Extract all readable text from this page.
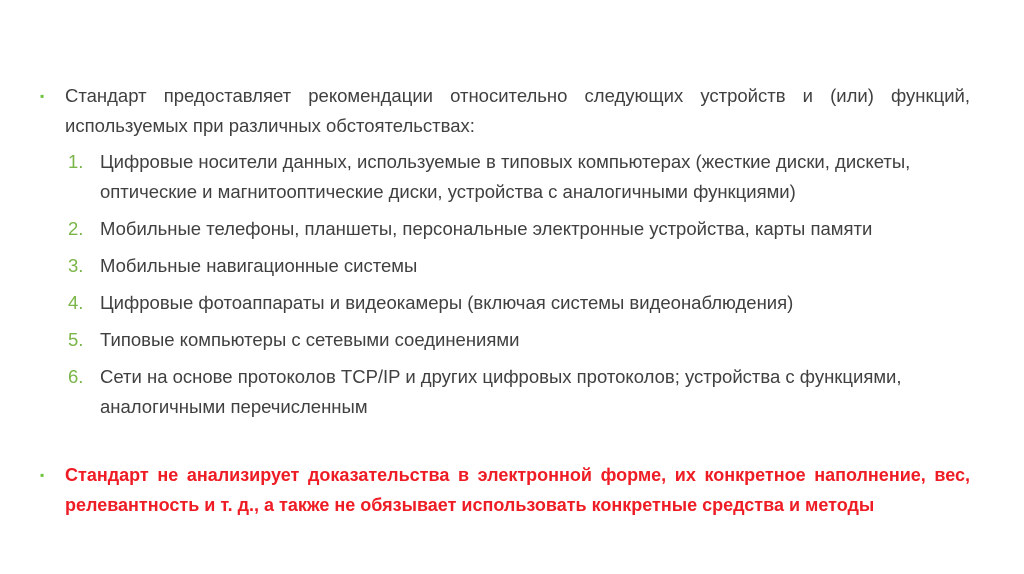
▪	Стандарт предоставляет рекомендации относительно следующих устройств и (или) функций, используемых при различных обстоятельствах:
1. Цифровые носители данных, используемые в типовых компьютерах (жесткие диски, дискеты, оптические и магнитооптические диски, устройства с аналогичными функциями)
2. Мобильные телефоны, планшеты, персональные электронные устройства, карты памяти
3. Мобильные навигационные системы
4. Цифровые фотоаппараты и видеокамеры (включая системы видеонаблюдения)
5. Типовые компьютеры с сетевыми соединениями
6. Сети на основе протоколов TCP/IP и других цифровых протоколов; устройства с функциями, аналогичными перечисленным
▪	Стандарт не анализирует доказательства в электронной форме, их конкретное наполнение, вес, релевантность и т. д., а также не обязывает использовать конкретные средства и методы
